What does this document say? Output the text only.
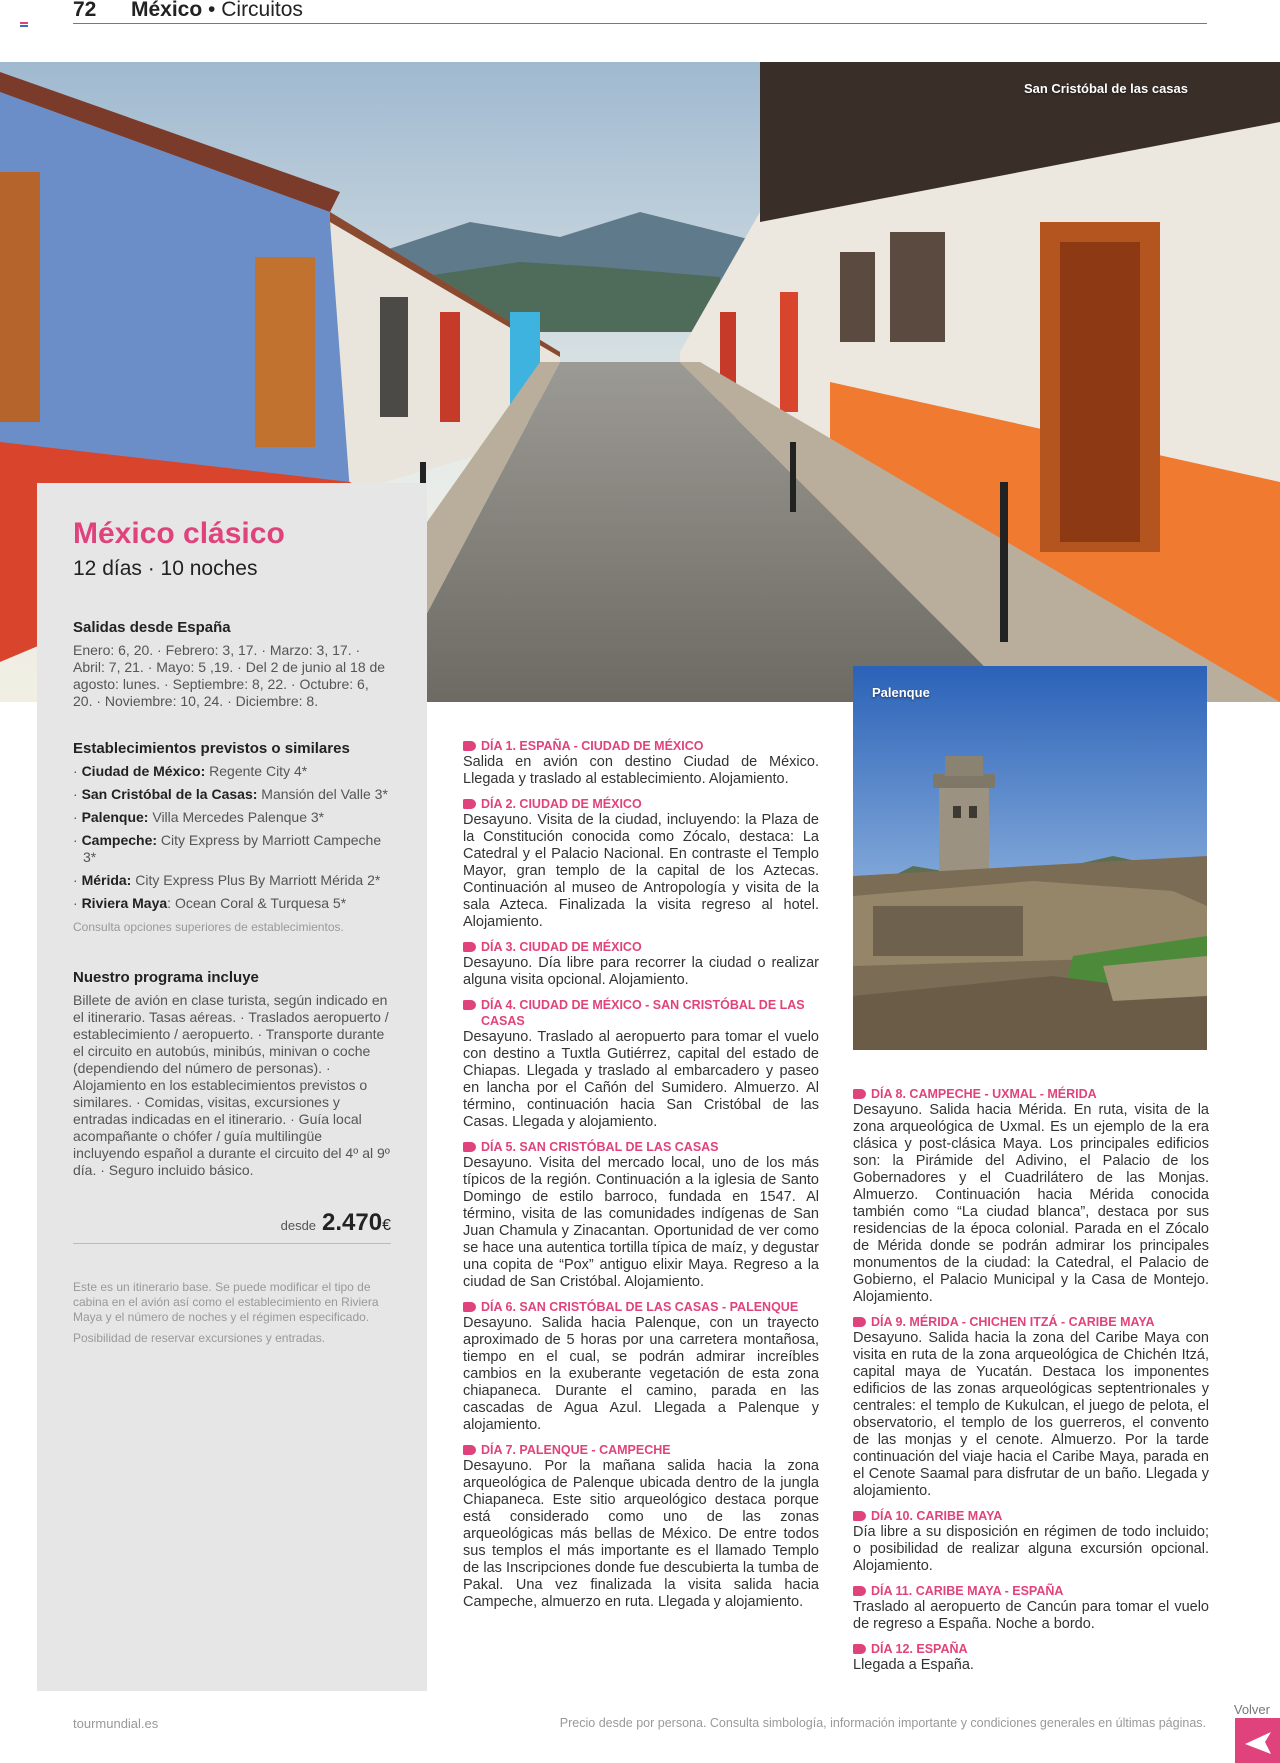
72 México • Circuitos
San Cristóbal de las casas
Palenque
México clásico
12 días · 10 noches
Salidas desde España
Enero: 6, 20. · Febrero: 3, 17. · Marzo: 3, 17. · Abril: 7, 21. · Mayo: 5 ,19. · Del 2 de junio al 18 de agosto: lunes. · Septiembre: 8, 22. · Octubre: 6, 20. · Noviembre: 10, 24. · Diciembre: 8.
Establecimientos previstos o similares
· Ciudad de México: Regente City 4*
· San Cristóbal de la Casas: Mansión del Valle 3*
· Palenque: Villa Mercedes Palenque 3*
· Campeche: City Express by Marriott Campeche 3*
· Mérida: City Express Plus By Marriott Mérida 2*
· Riviera Maya: Ocean Coral & Turquesa 5*
Consulta opciones superiores de establecimientos.
Nuestro programa incluye
Billete de avión en clase turista, según indicado en el itinerario. Tasas aéreas. · Traslados aeropuerto / establecimiento / aeropuerto. · Transporte durante el circuito en autobús, minibús, minivan o coche (dependiendo del número de personas). · Alojamiento en los establecimientos previstos o similares. · Comidas, visitas, excursiones y entradas indicadas en el itinerario. · Guía local acompañante o chófer / guía multilingüe incluyendo español a durante el circuito del 4º al 9º día. · Seguro incluido básico.
desde 2.470€
Este es un itinerario base. Se puede modificar el tipo de cabina en el avión así como el establecimiento en Riviera Maya y el número de noches y el régimen especificado.
Posibilidad de reservar excursiones y entradas.
DÍA 1. ESPAÑA - CIUDAD DE MÉXICO
Salida en avión con destino Ciudad de México. Llegada y traslado al establecimiento. Alojamiento.
DÍA 2. CIUDAD DE MÉXICO
Desayuno. Visita de la ciudad, incluyendo: la Plaza de la Constitución conocida como Zócalo, destaca: La Catedral y el Palacio Nacional. En contraste el Templo Mayor, gran templo de la capital de los Aztecas. Continuación al museo de Antropología y visita de la sala Azteca. Finalizada la visita regreso al hotel. Alojamiento.
DÍA 3. CIUDAD DE MÉXICO
Desayuno. Día libre para recorrer la ciudad o realizar alguna visita opcional. Alojamiento.
DÍA 4. CIUDAD DE MÉXICO - SAN CRISTÓBAL DE LAS CASAS
Desayuno. Traslado al aeropuerto para tomar el vuelo con destino a Tuxtla Gutiérrez, capital del estado de Chiapas. Llegada y traslado al embarcadero y paseo en lancha por el Cañón del Sumidero. Almuerzo. Al término, continuación hacia San Cristóbal de las Casas. Llegada y alojamiento.
DÍA 5. SAN CRISTÓBAL DE LAS CASAS
Desayuno. Visita del mercado local, uno de los más típicos de la región. Continuación a la iglesia de Santo Domingo de estilo barroco, fundada en 1547. Al término, visita de las comunidades indígenas de San Juan Chamula y Zinacantan. Oportunidad de ver como se hace una autentica tortilla típica de maíz, y degustar una copita de “Pox” antiguo elixir Maya. Regreso a la ciudad de San Cristóbal. Alojamiento.
DÍA 6. SAN CRISTÓBAL DE LAS CASAS - PALENQUE
Desayuno. Salida hacia Palenque, con un trayecto aproximado de 5 horas por una carretera montañosa, tiempo en el cual, se podrán admirar increíbles cambios en la exuberante vegetación de esta zona chiapaneca. Durante el camino, parada en las cascadas de Agua Azul. Llegada a Palenque y alojamiento.
DÍA 7. PALENQUE - CAMPECHE
Desayuno. Por la mañana salida hacia la zona arqueológica de Palenque ubicada dentro de la jungla Chiapaneca. Este sitio arqueológico destaca porque está considerado como uno de las zonas arqueológicas más bellas de México. De entre todos sus templos el más importante es el llamado Templo de las Inscripciones donde fue descubierta la tumba de Pakal. Una vez finalizada la visita salida hacia Campeche, almuerzo en ruta. Llegada y alojamiento.
DÍA 8. CAMPECHE - UXMAL - MÉRIDA
Desayuno. Salida hacia Mérida. En ruta, visita de la zona arqueológica de Uxmal. Es un ejemplo de la era clásica y post-clásica Maya. Los principales edificios son: la Pirámide del Adivino, el Palacio de los Gobernadores y el Cuadrilátero de las Monjas. Almuerzo. Continuación hacia Mérida conocida también como “La ciudad blanca”, destaca por sus residencias de la época colonial. Parada en el Zócalo de Mérida donde se podrán admirar los principales monumentos de la ciudad: la Catedral, el Palacio de Gobierno, el Palacio Municipal y la Casa de Montejo. Alojamiento.
DÍA 9. MÉRIDA - CHICHEN ITZÁ - CARIBE MAYA
Desayuno. Salida hacia la zona del Caribe Maya con visita en ruta de la zona arqueológica de Chichén Itzá, capital maya de Yucatán. Destaca los imponentes edificios de las zonas arqueológicas septentrionales y centrales: el templo de Kukulcan, el juego de pelota, el observatorio, el templo de los guerreros, el convento de las monjas y el cenote. Almuerzo. Por la tarde continuación del viaje hacia el Caribe Maya, parada en el Cenote Saamal para disfrutar de un baño. Llegada y alojamiento.
DÍA 10. CARIBE MAYA
Día libre a su disposición en régimen de todo incluido; o posibilidad de realizar alguna excursión opcional. Alojamiento.
DÍA 11. CARIBE MAYA - ESPAÑA
Traslado al aeropuerto de Cancún para tomar el vuelo de regreso a España. Noche a bordo.
DÍA 12. ESPAÑA
Llegada a España.
tourmundial.es	Precio desde por persona. Consulta simbología, información importante y condiciones generales en últimas páginas.
Volver
